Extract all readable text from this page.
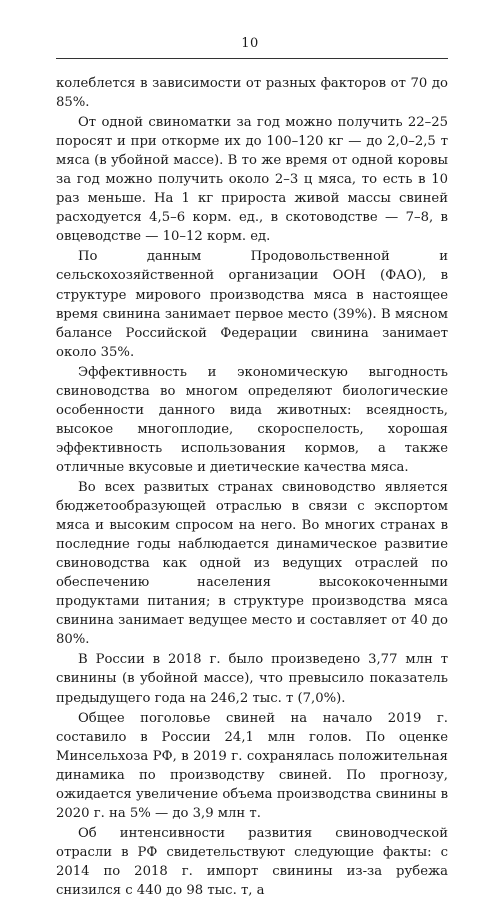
10

колеблется в зависимости от разных факторов от 70 до 85%.

От одной свиноматки за год можно получить 22–25 поросят и при откорме их до 100–120 кг — до 2,0–2,5 т мяса (в убойной массе). В то же время от одной коровы за год можно получить около 2–3 ц мяса, то есть в 10 раз меньше. На 1 кг прироста живой массы свиней расходуется 4,5–6 корм. ед., в скотоводстве — 7–8, в овцеводстве — 10–12 корм. ед.

По данным Продовольственной и сельскохозяйственной организации ООН (ФАО), в структуре мирового производства мяса в настоящее время свинина занимает первое место (39%). В мясном балансе Российской Федерации свинина занимает около 35%.

Эффективность и экономическую выгодность свиноводства во многом определяют биологические особенности данного вида животных: всеядность, высокое многоплодие, скороспелость, хорошая эффективность использования кормов, а также отличные вкусовые и диетические качества мяса.

Во всех развитых странах свиноводство является бюджетообразующей отраслью в связи с экспортом мяса и высоким спросом на него. Во многих странах в последние годы наблюдается динамическое развитие свиноводства как одной из ведущих отраслей по обеспечению населения высококоченными продуктами питания; в структуре производства мяса свинина занимает ведущее место и составляет от 40 до 80%.

В России в 2018 г. было произведено 3,77 млн т свинины (в убойной массе), что превысило показатель предыдущего года на 246,2 тыс. т (7,0%).

Общее поголовье свиней на начало 2019 г. составило в России 24,1 млн голов. По оценке Минсельхоза РФ, в 2019 г. сохранялась положительная динамика по производству свиней. По прогнозу, ожидается увеличение объема производства свинины в 2020 г. на 5% — до 3,9 млн т.

Об интенсивности развития свиноводческой отрасли в РФ свидетельствуют следующие факты: с 2014 по 2018 г. импорт свинины из-за рубежа снизился с 440 до 98 тыс. т, а
